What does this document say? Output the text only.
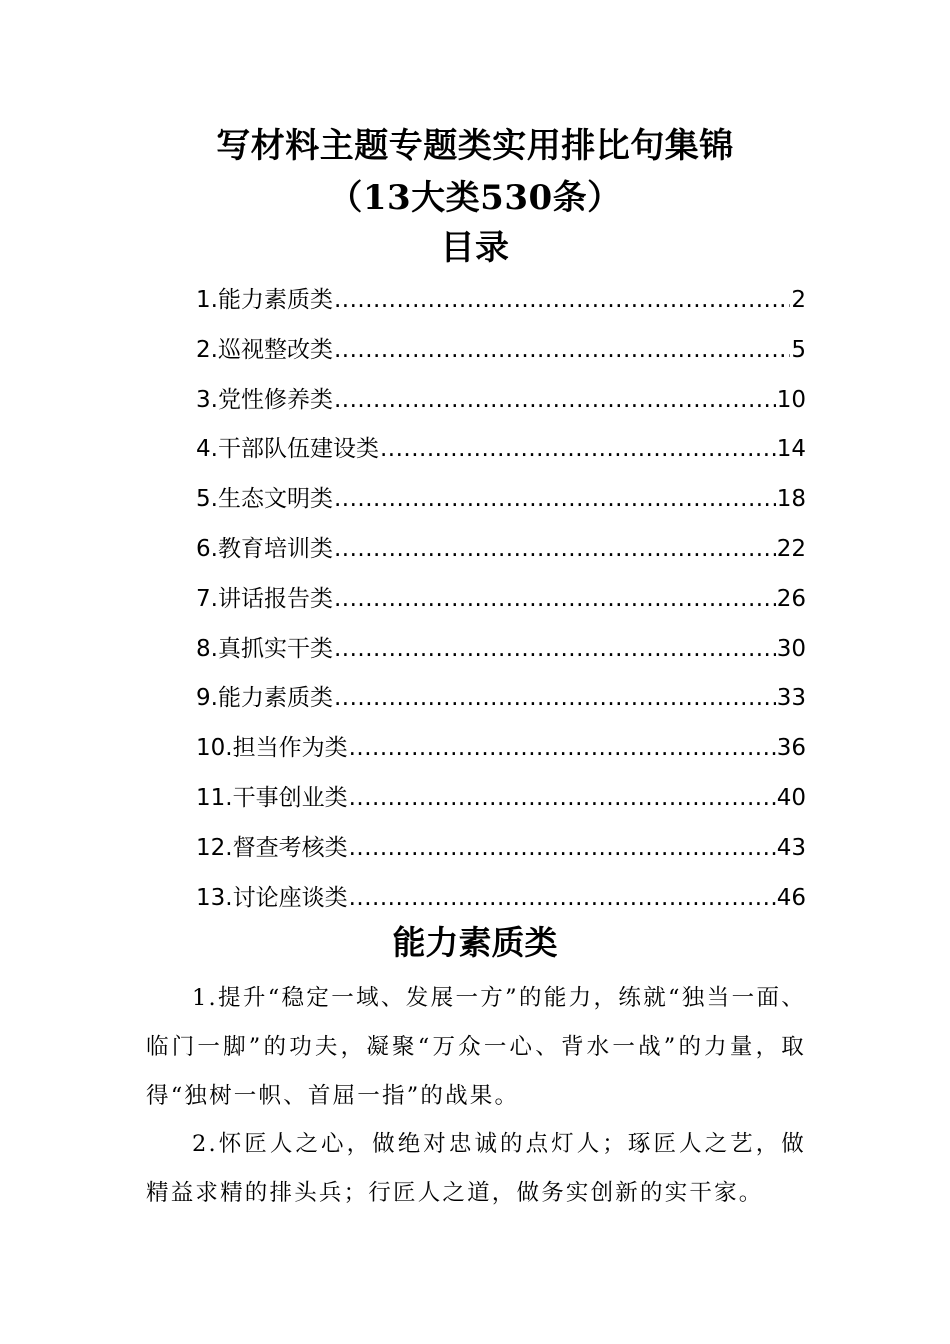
写材料主题专题类实用排比句集锦
（13大类530条）
目录
1.能力素质类 .....	2
2.巡视整改类 .....	5
3.党性修养类 .....	10
4.干部队伍建设类 .....	14
5.生态文明类 .....	18
6.教育培训类 .....	22
7.讲话报告类 .....	26
8.真抓实干类 .....	30
9.能力素质类 .....	33
10.担当作为类 .....	36
11.干事创业类 .....	40
12.督查考核类 .....	43
13.讨论座谈类 .....	46
能力素质类

1.提升“稳定一域、发展一方”的能力，练就“独当一面、临门一脚”的功夫，凝聚“万众一心、背水一战”的力量，取得“独树一帜、首屈一指”的战果。

2.怀匠人之心，做绝对忠诚的点灯人；琢匠人之艺，做精益求精的排头兵；行匠人之道，做务实创新的实干家。
